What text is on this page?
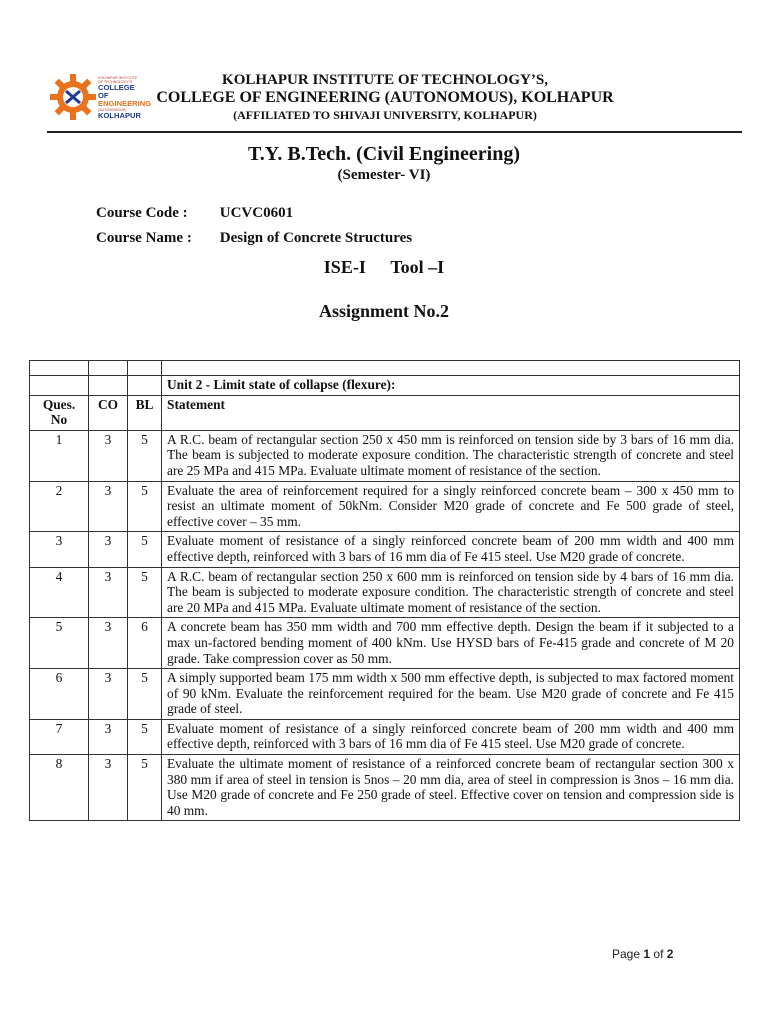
KOLHAPUR INSTITUTE OF TECHNOLOGY'S
COLLEGE OF
ENGINEERING
(AUTONOMOUS)
KOLHAPUR
KOLHAPUR INSTITUTE OF TECHNOLOGY’S,
COLLEGE OF ENGINEERING (AUTONOMOUS), KOLHAPUR
(AFFILIATED TO SHIVAJI UNIVERSITY, KOLHAPUR)
T.Y. B.Tech. (Civil Engineering)
(Semester- VI)
Course Code : UCVC0601
Course Name : Design of Concrete Structures
ISE-I Tool –I
Assignment No.2

			Unit 2 - Limit state of collapse (flexure):
Ques. No	CO	BL	Statement
1	3	5	A R.C. beam of rectangular section 250 x 450 mm is reinforced on tension side by 3 bars of 16 mm dia. The beam is subjected to moderate exposure condition. The characteristic strength of concrete and steel are 25 MPa and 415 MPa. Evaluate ultimate moment of resistance of the section.
2	3	5	Evaluate the area of reinforcement required for a singly reinforced concrete beam – 300 x 450 mm to resist an ultimate moment of 50kNm. Consider M20 grade of concrete and Fe 500 grade of steel, effective cover – 35 mm.
3	3	5	Evaluate moment of resistance of a singly reinforced concrete beam of 200 mm width and 400 mm effective depth, reinforced with 3 bars of 16 mm dia of Fe 415 steel. Use M20 grade of concrete.
4	3	5	A R.C. beam of rectangular section 250 x 600 mm is reinforced on tension side by 4 bars of 16 mm dia. The beam is subjected to moderate exposure condition. The characteristic strength of concrete and steel are 20 MPa and 415 MPa. Evaluate ultimate moment of resistance of the section.
5	3	6	A concrete beam has 350 mm width and 700 mm effective depth. Design the beam if it subjected to a max un-factored bending moment of 400 kNm. Use HYSD bars of Fe-415 grade and concrete of M 20 grade. Take compression cover as 50 mm.
6	3	5	A simply supported beam 175 mm width x 500 mm effective depth, is subjected to max factored moment of 90 kNm. Evaluate the reinforcement required for the beam. Use M20 grade of concrete and Fe 415 grade of steel.
7	3	5	Evaluate moment of resistance of a singly reinforced concrete beam of 200 mm width and 400 mm effective depth, reinforced with 3 bars of 16 mm dia of Fe 415 steel. Use M20 grade of concrete.
8	3	5	Evaluate the ultimate moment of resistance of a reinforced concrete beam of rectangular section 300 x 380 mm if area of steel in tension is 5nos – 20 mm dia, area of steel in compression is 3nos – 16 mm dia. Use M20 grade of concrete and Fe 250 grade of steel. Effective cover on tension and compression side is 40 mm.
Page 1 of 2
